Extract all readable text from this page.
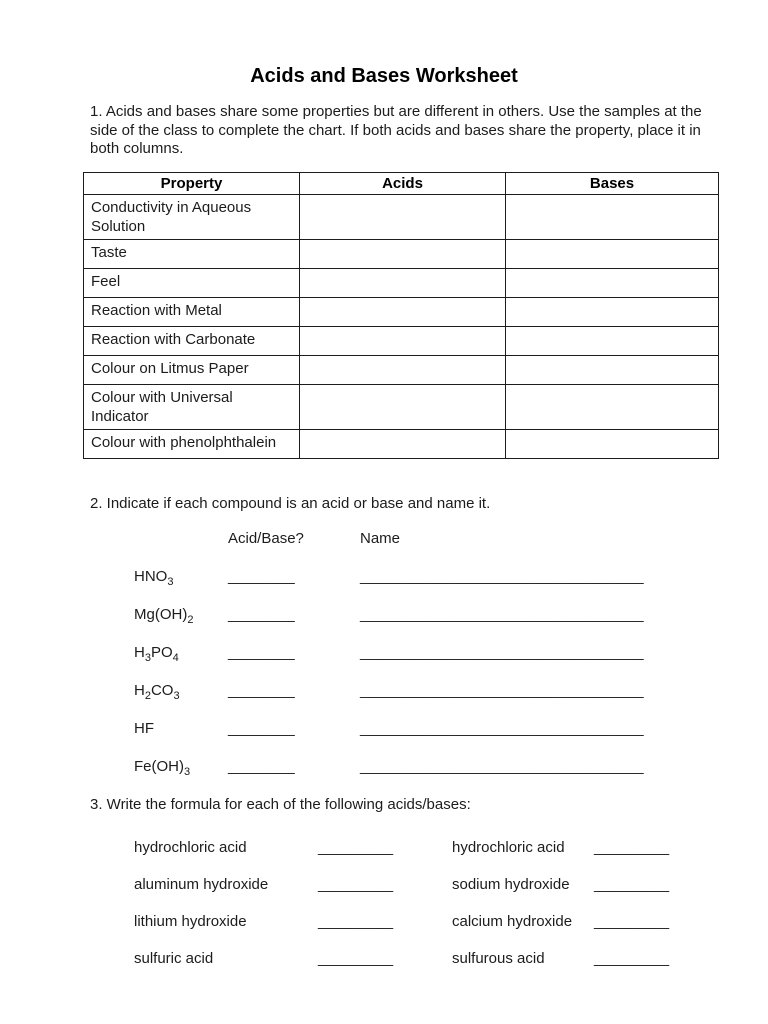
Acids and Bases Worksheet

1. Acids and bases share some properties but are different in others. Use the samples at the side of the class to complete the chart. If both acids and bases share the property, place it in both columns.

Property	Acids	Bases
Conductivity in Aqueous Solution		
Taste		
Feel		
Reaction with Metal		
Reaction with Carbonate		
Colour on Litmus Paper		
Colour with Universal Indicator		
Colour with phenolphthalein		

2. Indicate if each compound is an acid or base and name it.

Acid/Base?	Name
$HNO_3$	________	__________________________________
$Mg(OH)_2$	________	__________________________________
$H_3PO_4$	________	__________________________________
$H_2CO_3$	________	__________________________________
HF	________	__________________________________
$Fe(OH)_3$	________	__________________________________

3. Write the formula for each of the following acids/bases:

hydrochloric acid	_________	hydrochloric acid	_________
aluminum hydroxide	_________	sodium hydroxide	_________
lithium hydroxide	_________	calcium hydroxide	_________
sulfuric acid	_________	sulfurous acid	_________
